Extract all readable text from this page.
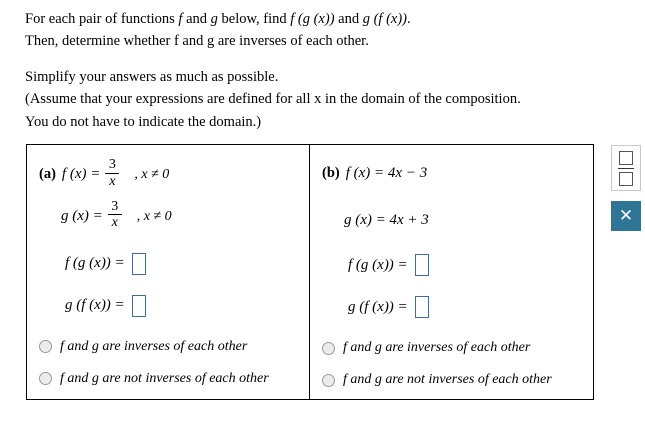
For each pair of functions f and g below, find f (g (x)) and g (f (x)).
Then, determine whether f and g are inverses of each other.
Simplify your answers as much as possible.
(Assume that your expressions are defined for all x in the domain of the composition.
You do not have to indicate the domain.)
(a) f $(x) = \frac{3}{x}$ , x ≠ 0
g $(x) = \frac{3}{x}$ , x ≠ 0
f (g (x)) =
g (f (x)) =
f and g are inverses of each other
f and g are not inverses of each other
(b) f (x) = 4x − 3
g (x) = 4x + 3
f (g (x)) =
g (f (x)) =
f and g are inverses of each other
f and g are not inverses of each other
✕
